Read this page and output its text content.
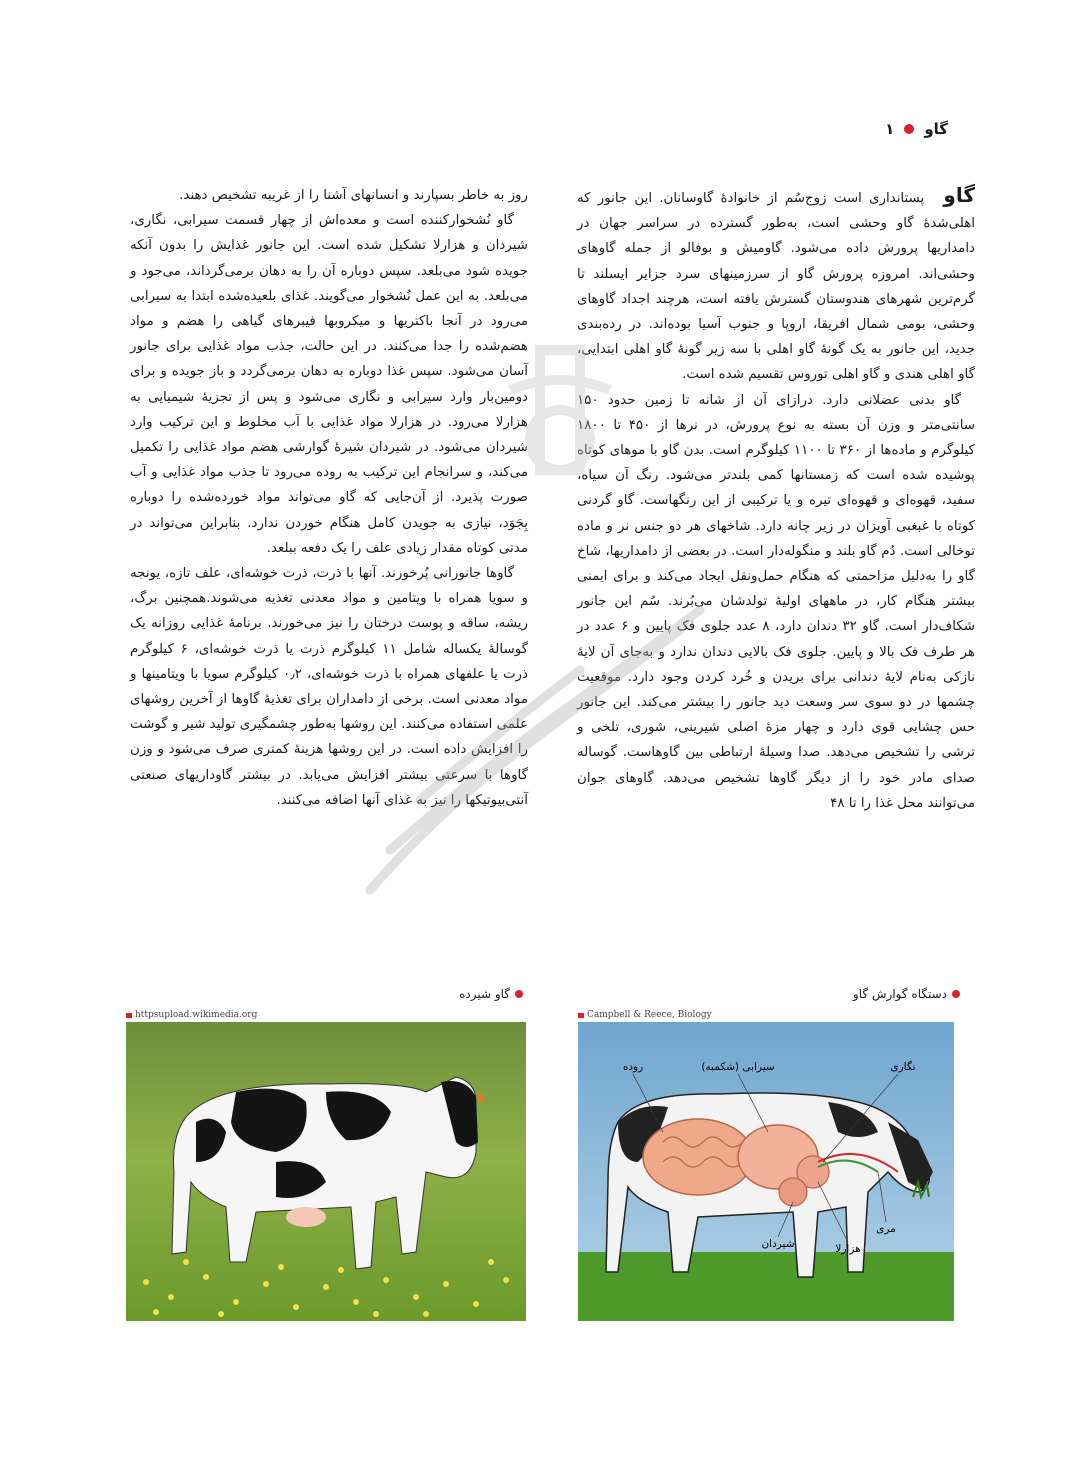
گاو
۱

گاو پستانداری است زوج‌سُم از خانوادهٔ گاوسانان. این جانور که اهلی‌شدهٔ گاو وحشی است، به‌طور گسترده در سراسر جهان در دامداریها پرورش داده می‌شود. گاومیش و بوفالو از جمله گاوهای وحشی‌اند. امروزه پرورش گاو از سرزمینهای سرد جزایر ایسلند تا گرم‌ترین شهرهای هندوستان گسترش یافته است، هرچند اجداد گاوهای وحشی، بومی شمال افریقا، اروپا و جنوب آسیا بوده‌اند. در رده‌بندی جدید، این جانور به یک گونهٔ گاو اهلی با سه زیر گونهٔ گاو اهلی ابتدایی، گاو اهلی هندی و گاو اهلی توروس تقسیم شده است.

گاو بدنی عضلانی دارد. درازای آن از شانه تا زمین حدود ۱۵۰ سانتی‌متر و وزن آن بسته به نوع پرورش، در نرها از ۴۵۰ تا ۱۸۰۰ کیلوگرم و ماده‌ها از ۳۶۰ تا ۱۱۰۰ کیلوگرم است. بدن گاو با موهای کوتاه پوشیده شده است که زمستانها کمی بلندتر می‌شود. رنگ آن سیاه، سفید، قهوه‌ای و قهوه‌ای تیره و یا ترکیبی از این رنگهاست. گاو گردنی کوتاه با غبغبی آویزان در زیر چانه دارد. شاخهای هر دو جنس نر و ماده توخالی است. دُم گاو بلند و منگوله‌دار است. در بعضی از دامداریها، شاخ گاو را به‌دلیل مزاحمتی که هنگام حمل‌ونقل ایجاد می‌کند و برای ایمنی بیشتر هنگام کار، در ماههای اولیهٔ تولدشان می‌بُرند. سُم این جانور شکاف‌دار است. گاو ۳۲ دندان دارد، ۸ عدد جلوی فک پایین و ۶ عدد در هر طرف فک بالا و پایین. جلوی فک بالایی دندان ندارد و به‌جای آن لایهٔ نازکی به‌نام لایهٔ دندانی برای بریدن و خُرد کردن وجود دارد. موقعیت چشمها در دو سوی سر وسعت دید جانور را بیشتر می‌کند. این جانور حس چشایی قوی دارد و چهار مزهٔ اصلی شیرینی، شوری، تلخی و ترشی را تشخیص می‌دهد. صدا وسیلهٔ ارتباطی بین گاوهاست. گوساله صدای مادر خود را از دیگر گاوها تشخیص می‌دهد. گاوهای جوان می‌توانند محل غذا را تا ۴۸

روز به خاطر بسپارند و انسانهای آشنا را از غریبه تشخیص دهند.

گاو نُشخوارکننده است و معده‌اش از چهار قسمت سیرابی، نگاری، شیردان و هزارلا تشکیل شده است. این جانور غذایش را بدون آنکه جویده شود می‌بلعد. سپس دوباره آن را به دهان برمی‌گرداند، می‌جود و می‌بلعد. به این عمل نُشخوار می‌گویند. غذای بلعیده‌شده ابتدا به سیرابی می‌رود در آنجا باکتریها و میکروبها فیبرهای گیاهی را هضم و مواد هضم‌شده را جدا می‌کنند. در این حالت، جذب مواد غذایی برای جانور آسان می‌شود. سپس غذا دوباره به دهان برمی‌گردد و باز جویده و برای دومین‌بار وارد سیرابی و نگاری می‌شود و پس از تجزیهٔ شیمیایی به هزارلا می‌رود. در هزارلا مواد غذایی با آب مخلوط و این ترکیب وارد شیردان می‌شود. در شیردان شیرهٔ گوارشی هضم مواد غذایی را تکمیل می‌کند، و سرانجام این ترکیب به روده می‌رود تا جذب مواد غذایی و آب صورت پذیرد. از آن‌جایی که گاو می‌تواند مواد خورده‌شده را دوباره بِجَوَد، نیازی به جویدن کامل هنگام خوردن ندارد. بنابراین می‌تواند در مدتی کوتاه مقدار زیادی علف را یک دفعه ببلعد.

گاوها جانورانی پُرخورند. آنها با ذرت، ذرت خوشه‌ای، علف تازه، یونجه و سویا همراه با ویتامین و مواد معدنی تغذیه می‌شوند.همچنین برگ، ریشه، ساقه و پوست درختان را نیز می‌خورند. برنامهٔ غذایی روزانه یک گوسالهٔ یکساله شامل ۱۱ کیلوگرم ذرت یا ذرت خوشه‌ای، ۶ کیلوگرم ذرت یا علفهای همراه با ذرت خوشه‌ای، ۰٫۲ کیلوگرم سویا با ویتامینها و مواد معدنی است. برخی از دامداران برای تغذیهٔ گاوها از آخرین روشهای علمی استفاده می‌کنند. این روشها به‌طور چشمگیری تولید شیر و گوشت را افزایش داده است. در این روشها هزینهٔ کمتری صرف می‌شود و وزن گاوها با سرعتی بیشتر افزایش می‌یابد. در بیشتر گاوداریهای صنعتی آنتی‌بیوتیکها را نیز به غذای آنها اضافه می‌کنند.

دستگاه گوارش گاو
Campbell & Reece, Biology
روده	سیرابی (شکمبه)	نگاری
مری
هزارلا
شیردان
گاو شیرده
httpsupload.wikimedia.org
